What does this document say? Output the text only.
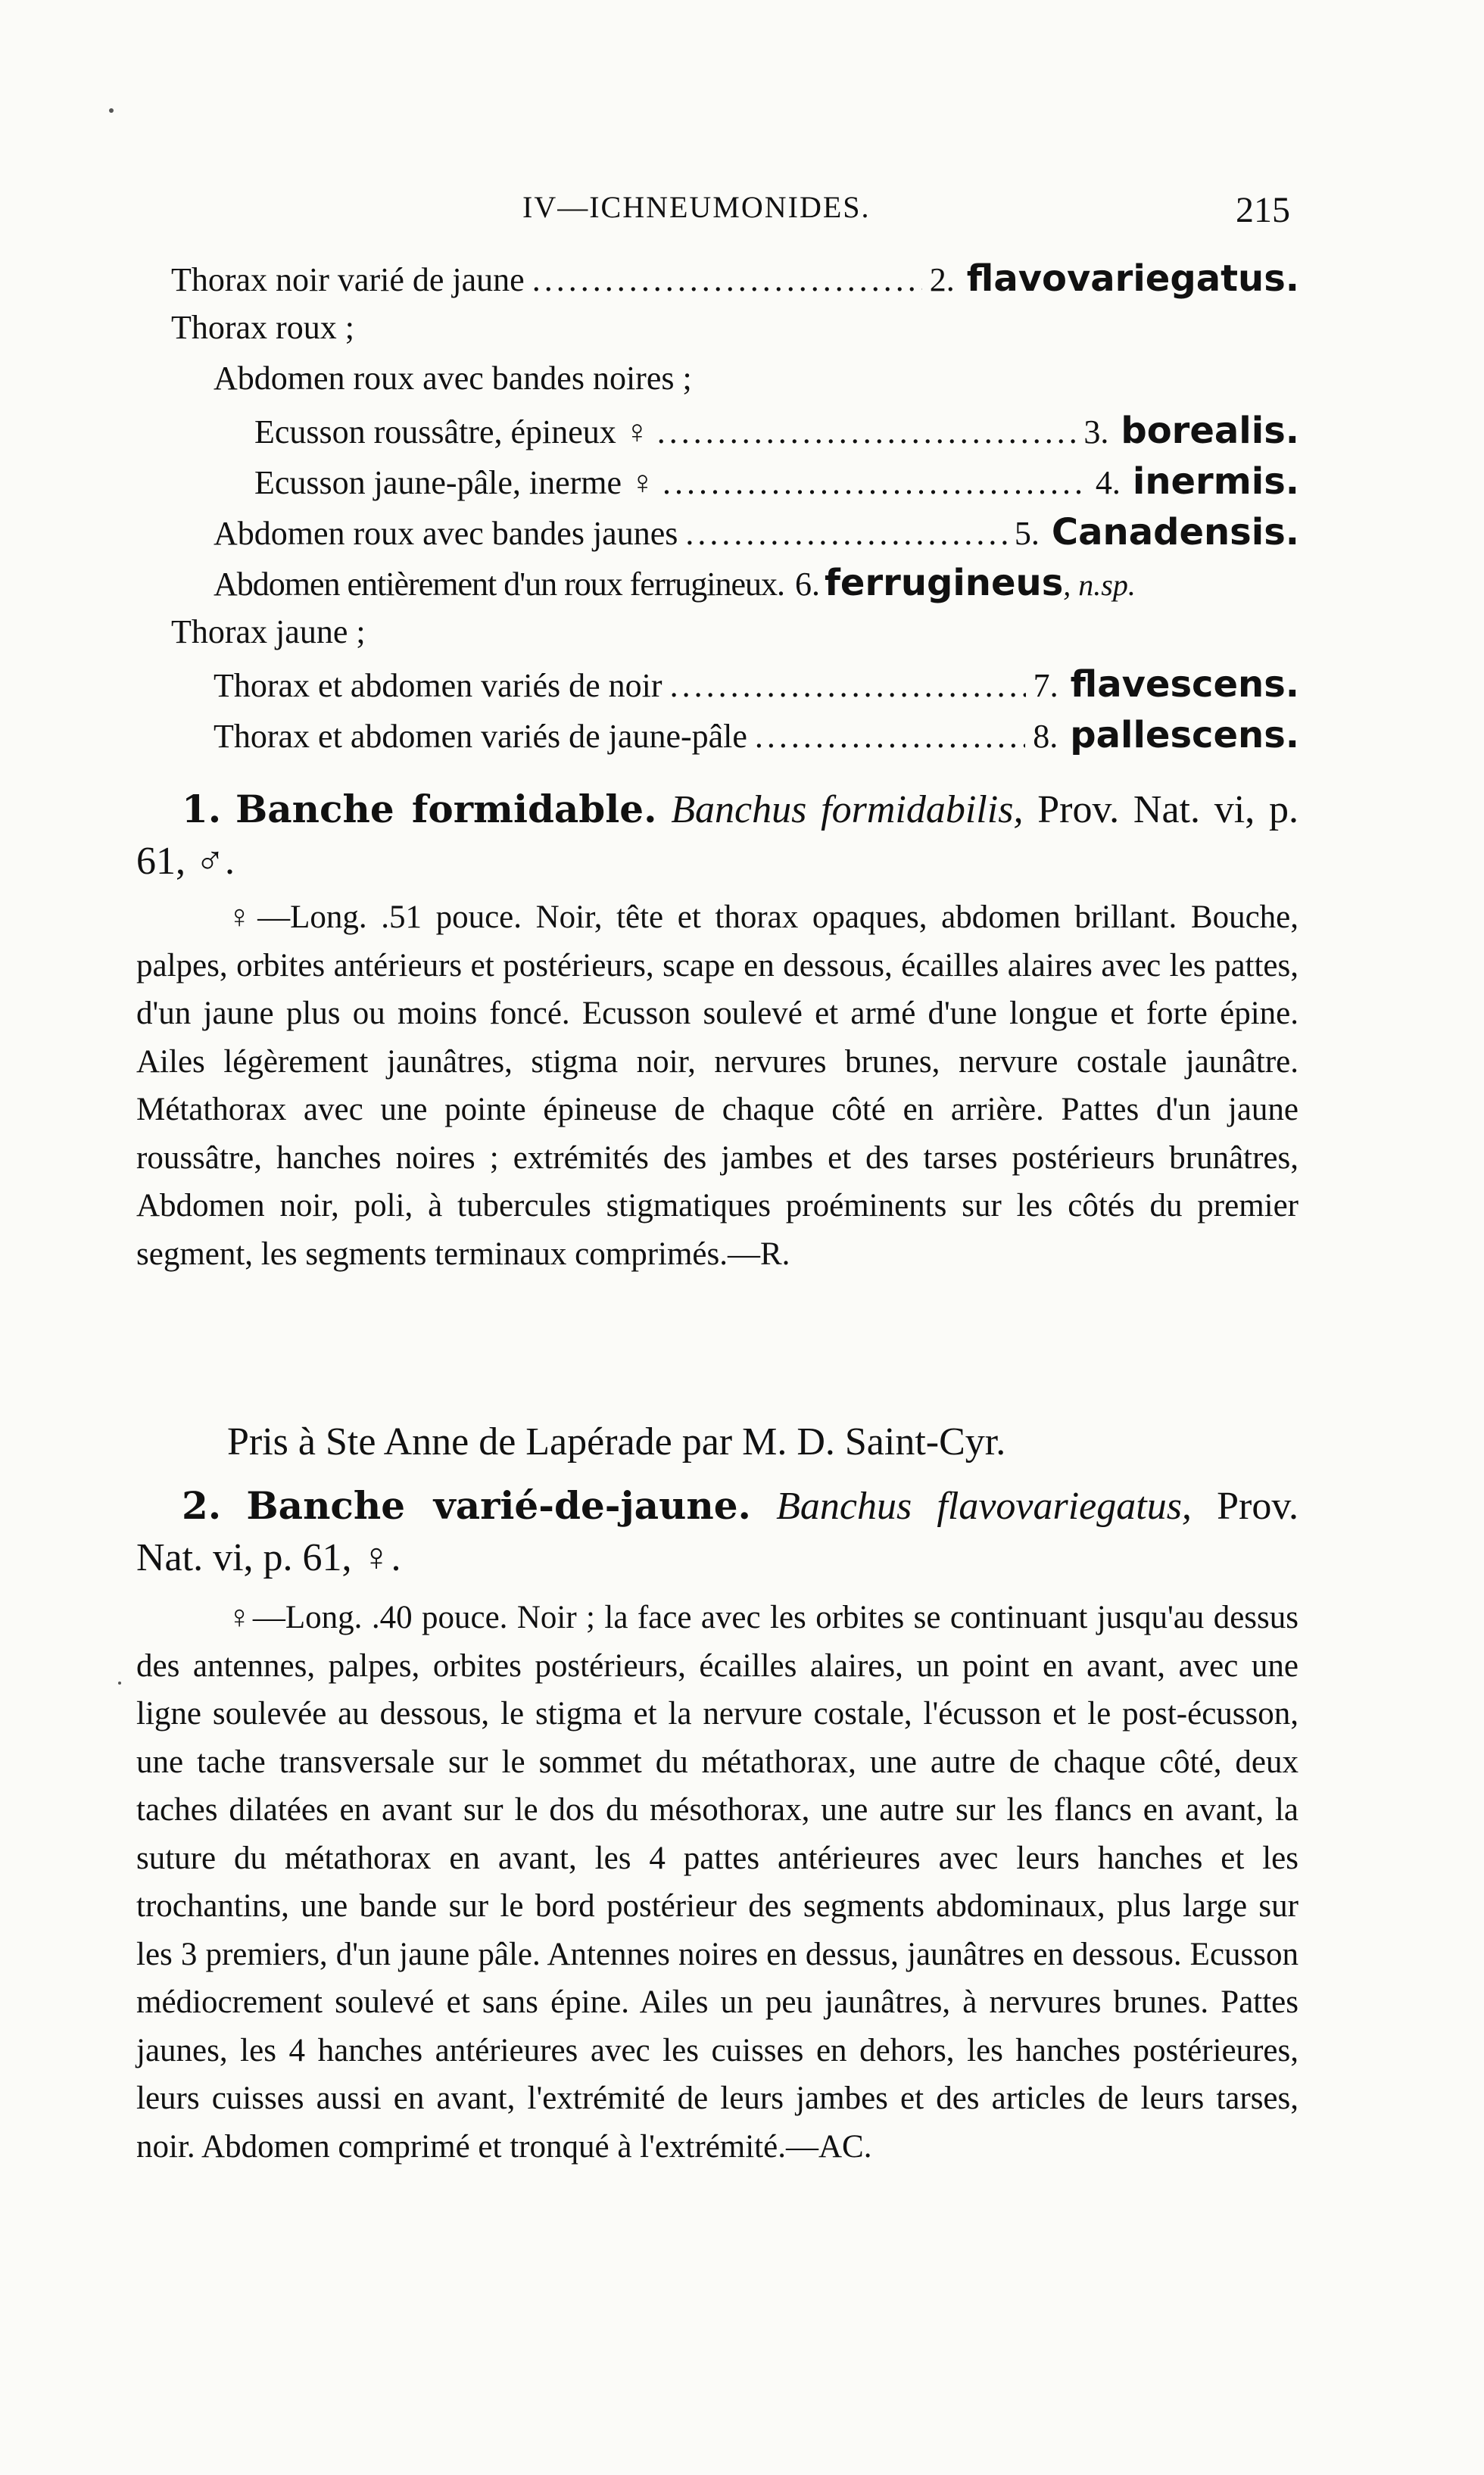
IV—ICHNEUMONIDES.	215
Thorax noir varié de jaune .....	2. flavovariegatus .
Thorax roux ;
Abdomen roux avec bandes noires ;
Ecusson roussâtre, épineux ♀ .....	3. borealis .
Ecusson jaune-pâle, inerme ♀ .....	4. inermis .
Abdomen roux avec bandes jaunes .....	5. Canadensis .
Abdomen entièrement d'un roux ferrugineux. 6. ferrugineus , n.sp.
Thorax jaune ;
Thorax et abdomen variés de noir .....	7. flavescens .
Thorax et abdomen variés de jaune-pâle .....	8. pallescens .
1. Banche formidable. Banchus formidabilis, Prov. Nat. vi, p. 61, ♂.

♀—Long. .51 pouce. Noir, tête et thorax opaques, abdomen brillant. Bouche, palpes, orbites antérieurs et postérieurs, scape en dessous, écailles alaires avec les pattes, d'un jaune plus ou moins foncé. Ecusson soulevé et armé d'une longue et forte épine. Ailes légèrement jaunâtres, stigma noir, nervures brunes, nervure costale jaunâtre. Métathorax avec une pointe épineuse de chaque côté en arrière. Pattes d'un jaune roussâtre, hanches noires ; extrémités des jambes et des tarses postérieurs brunâtres, Abdomen noir, poli, à tubercules stigmatiques proéminents sur les côtés du premier segment, les segments terminaux comprimés.—R.

Pris à Ste Anne de Lapérade par M. D. Saint-Cyr.
2. Banche varié-de-jaune. Banchus flavovariegatus, Prov. Nat. vi, p. 61, ♀.

♀—Long. .40 pouce. Noir ; la face avec les orbites se continuant jusqu'au dessus des antennes, palpes, orbites postérieurs, écailles alaires, un point en avant, avec une ligne soulevée au dessous, le stigma et la nervure costale, l'écusson et le post-écusson, une tache transversale sur le sommet du métathorax, une autre de chaque côté, deux taches dilatées en avant sur le dos du mésothorax, une autre sur les flancs en avant, la suture du métathorax en avant, les 4 pattes antérieures avec leurs hanches et les trochantins, une bande sur le bord postérieur des segments abdominaux, plus large sur les 3 premiers, d'un jaune pâle. Antennes noires en dessus, jaunâtres en dessous. Ecusson médiocrement soulevé et sans épine. Ailes un peu jaunâtres, à nervures brunes. Pattes jaunes, les 4 hanches antérieures avec les cuisses en dehors, les hanches postérieures, leurs cuisses aussi en avant, l'extrémité de leurs jambes et des articles de leurs tarses, noir. Abdomen comprimé et tronqué à l'extrémité.—AC.
